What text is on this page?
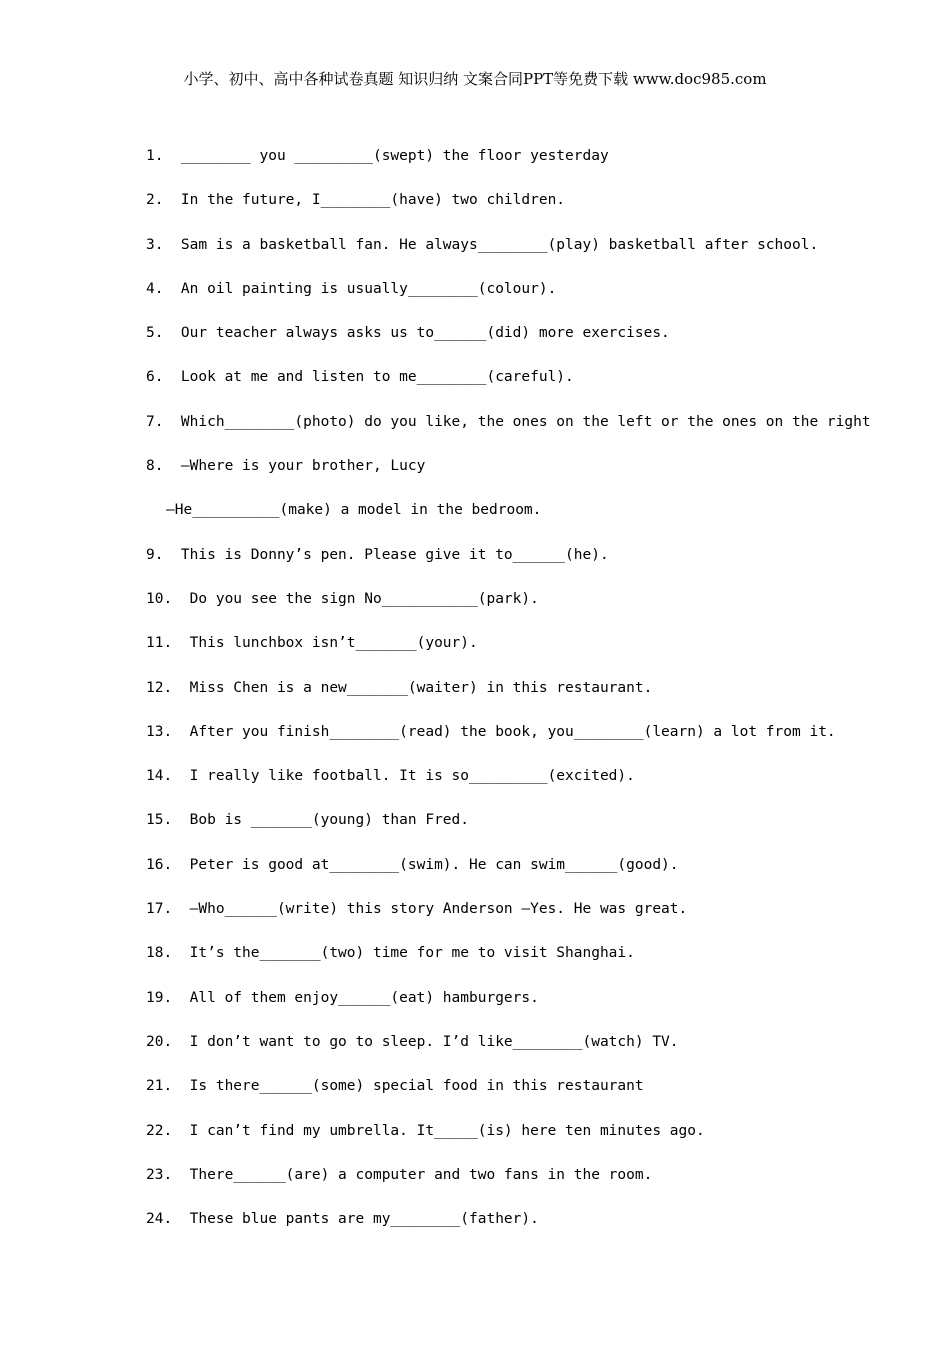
小学、初中、高中各种试卷真题 知识归纳 文案合同PPT等免费下载 www.doc985.com
1.  ________ you _________(swept) the floor yesterday
2.  In the future, I________(have) two children.
3.  Sam is a basketball fan. He always________(play) basketball after school.
4.  An oil painting is usually________(colour).
5.  Our teacher always asks us to______(did) more exercises.
6.  Look at me and listen to me________(careful).
7.  Which________(photo) do you like, the ones on the left or the ones on the right
8.  –Where is your brother, Lucy
–He__________(make) a model in the bedroom.
9.  This is Donny’s pen. Please give it to______(he).
10.  Do you see the sign No___________(park).
11.  This lunchbox isn’t_______(your).
12.  Miss Chen is a new_______(waiter) in this restaurant.
13.  After you finish________(read) the book, you________(learn) a lot from it.
14.  I really like football. It is so_________(excited).
15.  Bob is _______(young) than Fred.
16.  Peter is good at________(swim). He can swim______(good).
17.  –Who______(write) this story Anderson –Yes. He was great.
18.  It’s the_______(two) time for me to visit Shanghai.
19.  All of them enjoy______(eat) hamburgers.
20.  I don’t want to go to sleep. I’d like________(watch) TV.
21.  Is there______(some) special food in this restaurant
22.  I can’t find my umbrella. It_____(is) here ten minutes ago.
23.  There______(are) a computer and two fans in the room.
24.  These blue pants are my________(father).
